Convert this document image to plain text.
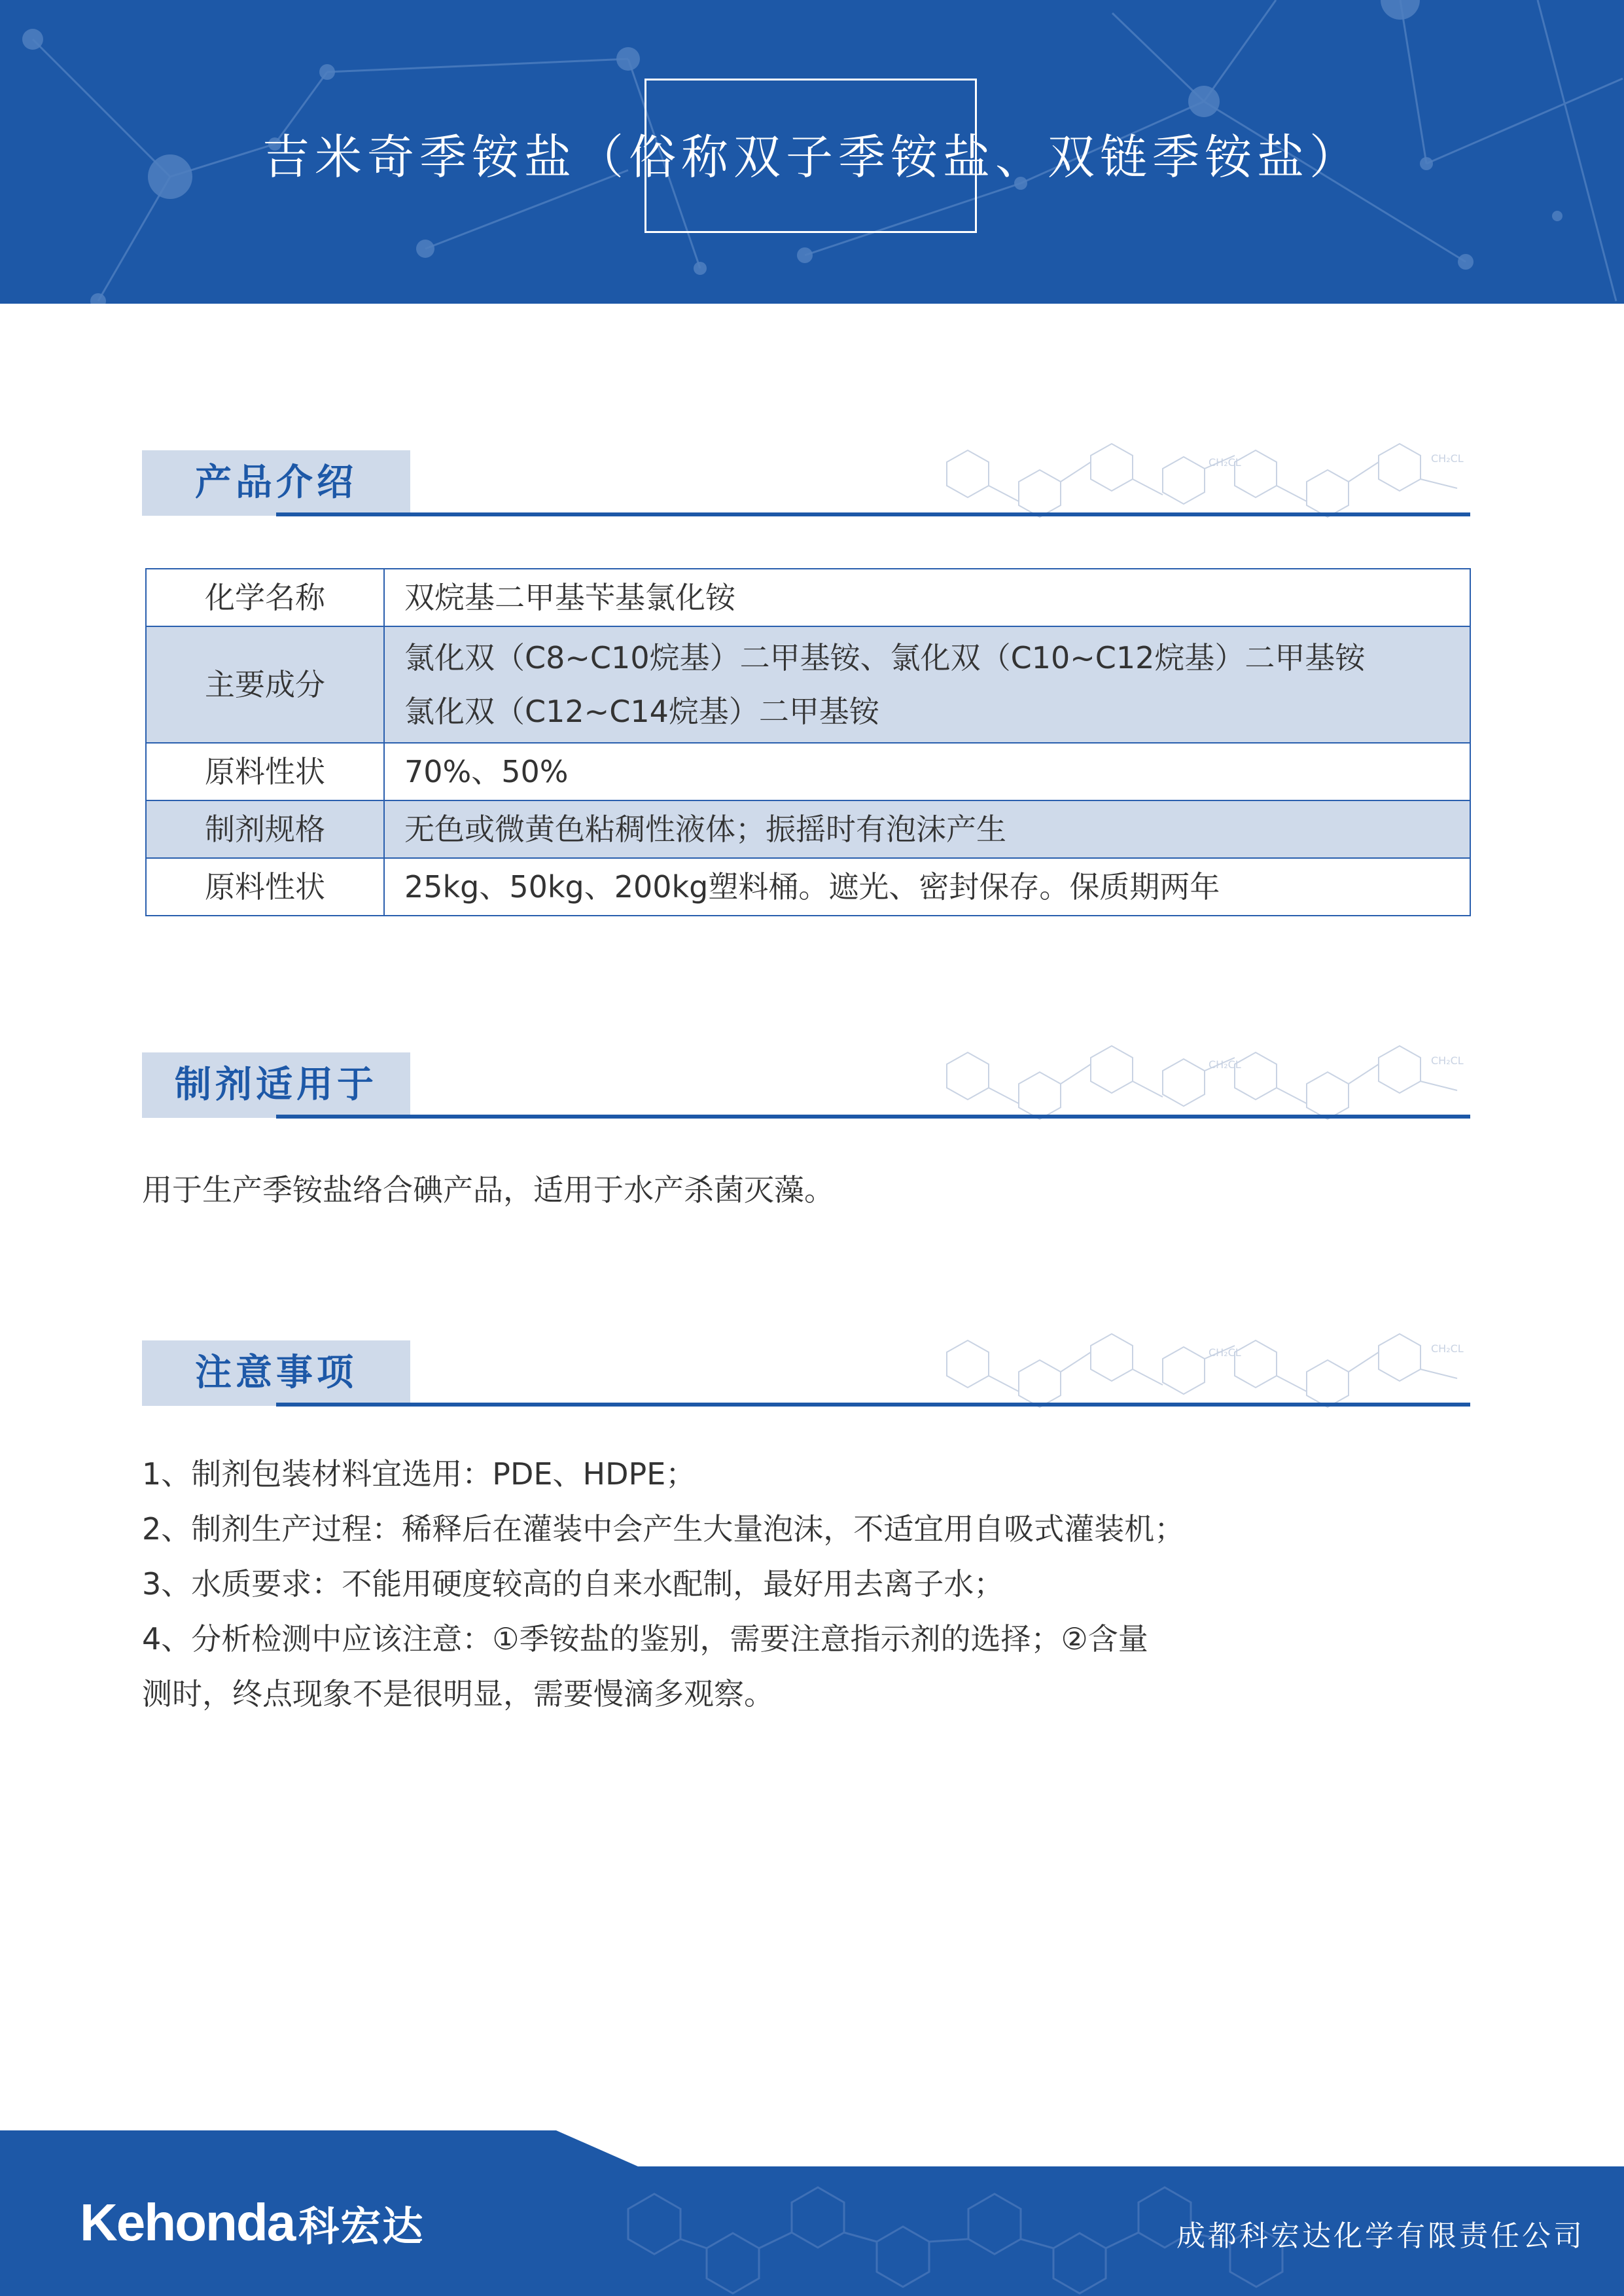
吉米奇季铵盐（俗称双子季铵盐、双链季铵盐）
CH₂CL	CH₂CL
产品介绍
化学名称	双烷基二甲基苄基氯化铵
主要成分	氯化双（C8~C10烷基）二甲基铵、氯化双（C10~C12烷基）二甲基铵
氯化双（C12~C14烷基）二甲基铵

原料性状	70%、50%
制剂规格	无色或微黄色粘稠性液体；振摇时有泡沫产生
原料性状	25kg、50kg、200kg塑料桶。遮光、密封保存。保质期两年
CH₂CL	CH₂CL
制剂适用于
用于生产季铵盐络合碘产品，适用于水产杀菌灭藻。
CH₂CL	CH₂CL
注意事项
1、制剂包装材料宜选用：PDE、HDPE；
2、制剂生产过程：稀释后在灌装中会产生大量泡沫，不适宜用自吸式灌装机；
3、水质要求：不能用硬度较高的自来水配制，最好用去离子水；
4、分析检测中应该注意：①季铵盐的鉴别，需要注意指示剂的选择；②含量
测时，终点现象不是很明显，需要慢滴多观察。
Kehonda科宏达	成都科宏达化学有限责任公司
